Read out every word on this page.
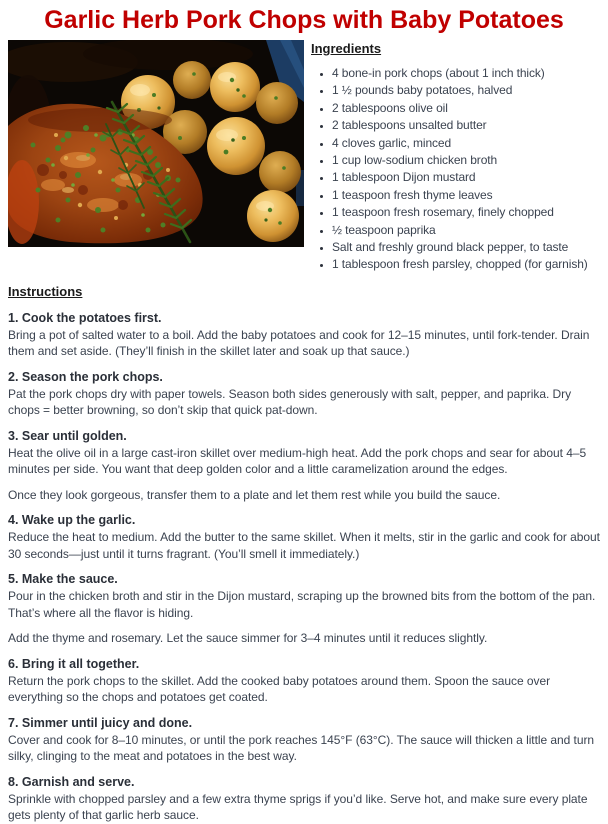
Garlic Herb Pork Chops with Baby Potatoes
Ingredients
• 4 bone-in pork chops (about 1 inch thick)
• 1 ½ pounds baby potatoes, halved
• 2 tablespoons olive oil
• 2 tablespoons unsalted butter
• 4 cloves garlic, minced
• 1 cup low-sodium chicken broth
• 1 tablespoon Dijon mustard
• 1 teaspoon fresh thyme leaves
• 1 teaspoon fresh rosemary, finely chopped
• ½ teaspoon paprika
• Salt and freshly ground black pepper, to taste
• 1 tablespoon fresh parsley, chopped (for garnish)
Instructions

1. Cook the potatoes first.

Bring a pot of salted water to a boil. Add the baby potatoes and cook for 12–15 minutes, until fork-tender. Drain them and set aside. (They’ll finish in the skillet later and soak up that sauce.)

2. Season the pork chops.

Pat the pork chops dry with paper towels. Season both sides generously with salt, pepper, and paprika. Dry chops = better browning, so don’t skip that quick pat-down.

3. Sear until golden.

Heat the olive oil in a large cast-iron skillet over medium-high heat. Add the pork chops and sear for about 4–5 minutes per side. You want that deep golden color and a little caramelization around the edges.

Once they look gorgeous, transfer them to a plate and let them rest while you build the sauce.

4. Wake up the garlic.

Reduce the heat to medium. Add the butter to the same skillet. When it melts, stir in the garlic and cook for about 30 seconds—just until it turns fragrant. (You’ll smell it immediately.)

5. Make the sauce.

Pour in the chicken broth and stir in the Dijon mustard, scraping up the browned bits from the bottom of the pan. That’s where all the flavor is hiding.

Add the thyme and rosemary. Let the sauce simmer for 3–4 minutes until it reduces slightly.

6. Bring it all together.

Return the pork chops to the skillet. Add the cooked baby potatoes around them. Spoon the sauce over everything so the chops and potatoes get coated.

7. Simmer until juicy and done.

Cover and cook for 8–10 minutes, or until the pork reaches 145°F (63°C). The sauce will thicken a little and turn silky, clinging to the meat and potatoes in the best way.

8. Garnish and serve.

Sprinkle with chopped parsley and a few extra thyme sprigs if you’d like. Serve hot, and make sure every plate gets plenty of that garlic herb sauce.
